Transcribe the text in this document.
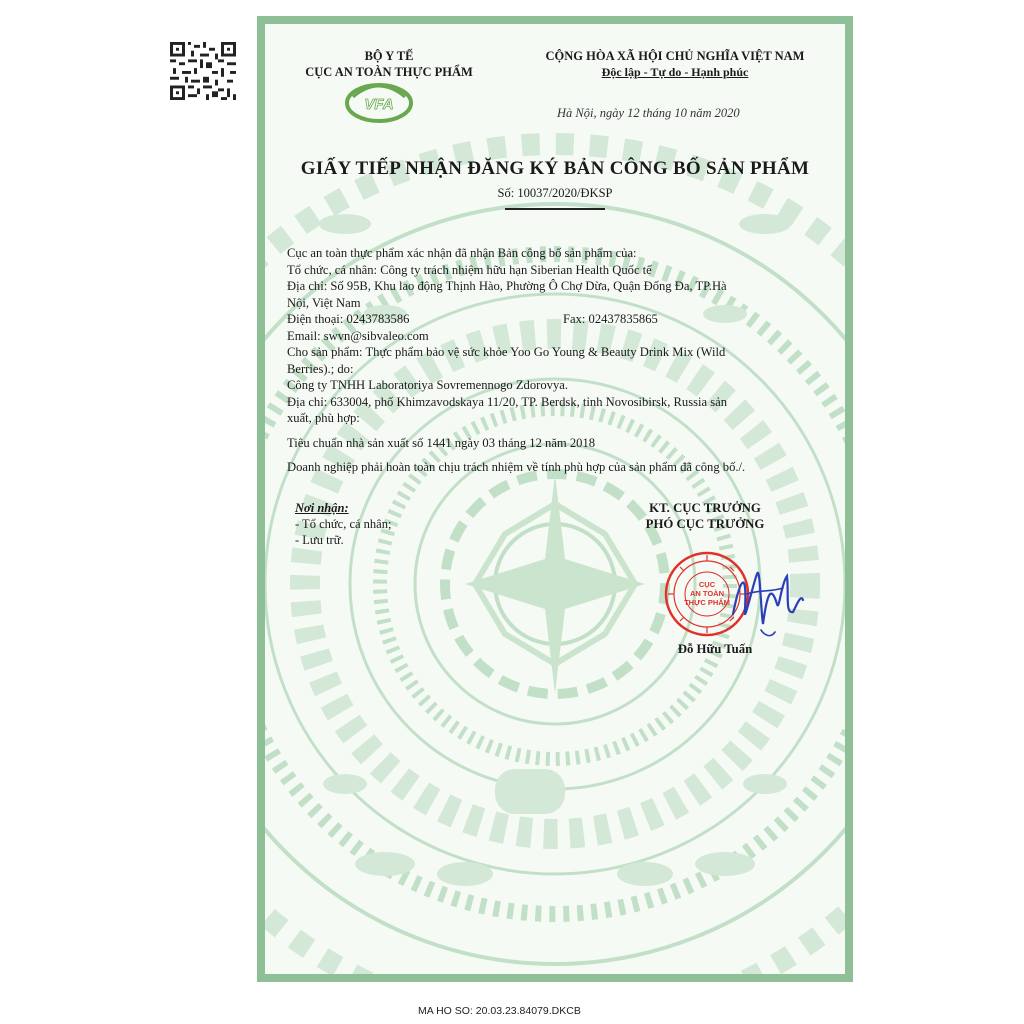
BỘ Y TẾ
CỤC AN TOÀN THỰC PHẨM
VFA
CỘNG HÒA XÃ HỘI CHỦ NGHĨA VIỆT NAM
Độc lập - Tự do - Hạnh phúc
Hà Nội, ngày 12 tháng 10 năm 2020
GIẤY TIẾP NHẬN ĐĂNG KÝ BẢN CÔNG BỐ SẢN PHẨM
Số: 10037/2020/ĐKSP
Cục an toàn thực phẩm xác nhận đã nhận Bản công bố sản phẩm của:
Tổ chức, cá nhân: Công ty trách nhiệm hữu hạn Siberian Health Quốc tế
Địa chỉ: Số 95B, Khu lao động Thịnh Hào, Phường Ô Chợ Dừa, Quận Đống Đa, TP.Hà
Nội, Việt Nam
Điện thoại: 0243783586	Fax: 02437835865
Email: swvn@sibvaleo.com
Cho sản phẩm: Thực phẩm bảo vệ sức khỏe Yoo Go Young & Beauty Drink Mix (Wild
Berries).; do:
Công ty TNHH Laboratoriya Sovremennogo Zdorovya.
Địa chỉ: 633004, phố Khimzavodskaya 11/20, TP. Berdsk, tỉnh Novosibirsk, Russia sản
xuất, phù hợp:
Tiêu chuẩn nhà sản xuất số 1441 ngày 03 tháng 12 năm 2018
Doanh nghiệp phải hoàn toàn chịu trách nhiệm về tính phù hợp của sản phẩm đã công bố./.
Nơi nhận:
- Tổ chức, cá nhân;
- Lưu trữ.
KT. CỤC TRƯỞNG
PHÓ CỤC TRƯỞNG
CỤC
AN TOÀN
THỰC PHẨM
Đỗ Hữu Tuấn
MA HO SO: 20.03.23.84079.DKCB
